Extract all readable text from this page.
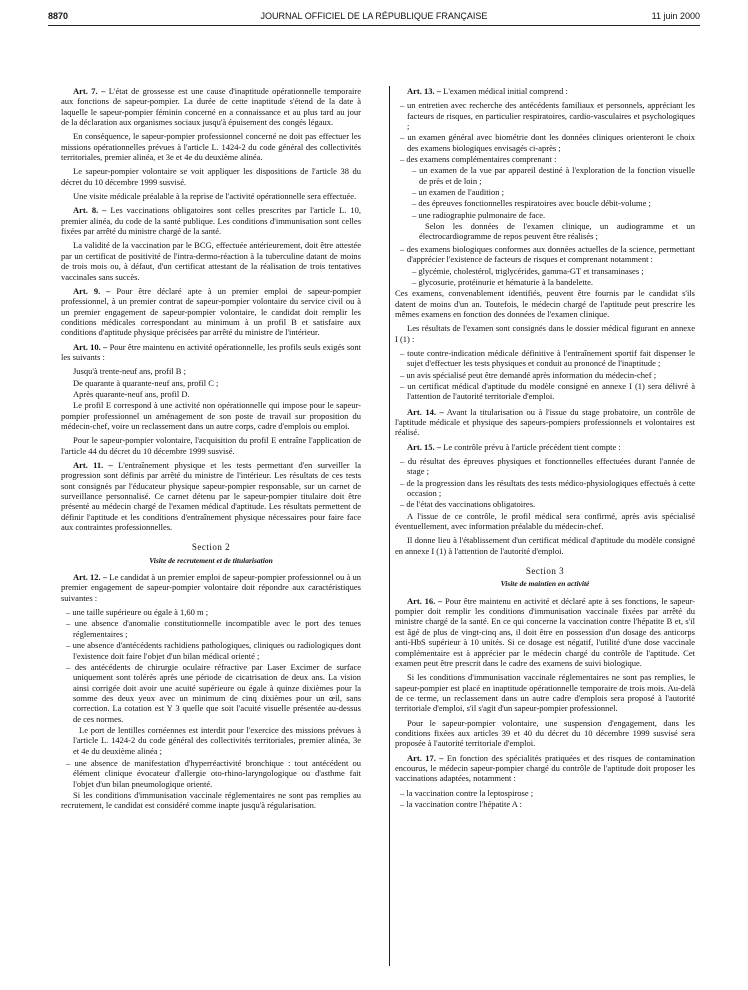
8870	JOURNAL OFFICIEL DE LA RÉPUBLIQUE FRANÇAISE	11 juin 2000

Art. 7. – L'état de grossesse est une cause d'inaptitude opérationnelle temporaire aux fonctions de sapeur-pompier. La durée de cette inaptitude s'étend de la date à laquelle le sapeur-pompier féminin concerné en a connaissance et au plus tard au jour de la déclaration aux organismes sociaux jusqu'à épuisement des congés légaux.

En conséquence, le sapeur-pompier professionnel concerné ne doit pas effectuer les missions opérationnelles prévues à l'article L. 1424-2 du code général des collectivités territoriales, premier alinéa, et 3e et 4e du deuxième alinéa.

Le sapeur-pompier volontaire se voit appliquer les dispositions de l'article 38 du décret du 10 décembre 1999 susvisé.

Une visite médicale préalable à la reprise de l'activité opérationnelle sera effectuée.

Art. 8. – Les vaccinations obligatoires sont celles prescrites par l'article L. 10, premier alinéa, du code de la santé publique. Les conditions d'immunisation sont celles fixées par arrêté du ministre chargé de la santé.

La validité de la vaccination par le BCG, effectuée antérieurement, doit être attestée par un certificat de positivité de l'intra-dermo-réaction à la tuberculine datant de moins de trois mois ou, à défaut, d'un certificat attestant de la réalisation de trois tentatives vaccinales sans succès.

Art. 9. – Pour être déclaré apte à un premier emploi de sapeur-pompier professionnel, à un premier contrat de sapeur-pompier volontaire du service civil ou à un premier engagement de sapeur-pompier volontaire, le candidat doit remplir les conditions médicales correspondant au minimum à un profil B et satisfaire aux conditions d'aptitude physique précisées par arrêté du ministre de l'intérieur.

Art. 10. – Pour être maintenu en activité opérationnelle, les profils seuls exigés sont les suivants :

Jusqu'à trente-neuf ans, profil B ;

De quarante à quarante-neuf ans, profil C ;

Après quarante-neuf ans, profil D.

Le profil E correspond à une activité non opérationnelle qui impose pour le sapeur-pompier professionnel un aménagement de son poste de travail sur proposition du médecin-chef, voire un reclassement dans un autre corps, cadre d'emplois ou emploi.

Pour le sapeur-pompier volontaire, l'acquisition du profil E entraîne l'application de l'article 44 du décret du 10 décembre 1999 susvisé.

Art. 11. – L'entraînement physique et les tests permettant d'en surveiller la progression sont définis par arrêté du ministre de l'intérieur. Les résultats de ces tests sont consignés par l'éducateur physique sapeur-pompier responsable, sur un carnet de surveillance personnalisé. Ce carnet détenu par le sapeur-pompier titulaire doit être présenté au médecin chargé de l'examen médical d'aptitude. Les résultats permettent de définir l'aptitude et les conditions d'entraînement physique nécessaires pour faire face aux contraintes professionnelles.

Section 2

Visite de recrutement et de titularisation

Art. 12. – Le candidat à un premier emploi de sapeur-pompier professionnel ou à un premier engagement de sapeur-pompier volontaire doit répondre aux caractéristiques suivantes :

– une taille supérieure ou égale à 1,60 m ;

– une absence d'anomalie constitutionnelle incompatible avec le port des tenues réglementaires ;

– une absence d'antécédents rachidiens pathologiques, cliniques ou radiologiques dont l'existence doit faire l'objet d'un bilan médical orienté ;

– des antécédents de chirurgie oculaire réfractive par Laser Excimer de surface uniquement sont tolérés après une période de cicatrisation de deux ans. La vision ainsi corrigée doit avoir une acuité supérieure ou égale à quinze dixièmes pour la somme des deux yeux avec un minimum de cinq dixièmes pour un œil, sans correction. La cotation est Y 3 quelle que soit l'acuité visuelle présentée au-dessus de ces normes.

Le port de lentilles cornéennes est interdit pour l'exercice des missions prévues à l'article L. 1424-2 du code général des collectivités territoriales, premier alinéa, 3e et 4e du deuxième alinéa ;

– une absence de manifestation d'hyperréactivité bronchique : tout antécédent ou élément clinique évocateur d'allergie oto-rhino-laryngologique ou d'asthme fait l'objet d'un bilan pneumologique orienté.

Si les conditions d'immunisation vaccinale réglementaires ne sont pas remplies au recrutement, le candidat est considéré comme inapte jusqu'à régularisation.

Art. 13. – L'examen médical initial comprend :

– un entretien avec recherche des antécédents familiaux et personnels, appréciant les facteurs de risques, en particulier respiratoires, cardio-vasculaires et psychologiques ;

– un examen général avec biométrie dont les données cliniques orienteront le choix des examens biologiques envisagés ci-après ;

– des examens complémentaires comprenant :

– un examen de la vue par appareil destiné à l'exploration de la fonction visuelle de près et de loin ;

– un examen de l'audition ;

– des épreuves fonctionnelles respiratoires avec boucle débit-volume ;

– une radiographie pulmonaire de face.

Selon les données de l'examen clinique, un audiogramme et un électrocardiogramme de repos peuvent être réalisés ;

– des examens biologiques conformes aux données actuelles de la science, permettant d'apprécier l'existence de facteurs de risques et comprenant notamment :

– glycémie, cholestérol, triglycérides, gamma-GT et transaminases ;

– glycosurie, protéinurie et hématurie à la bandelette.

Ces examens, convenablement identifiés, peuvent être fournis par le candidat s'ils datent de moins d'un an. Toutefois, le médecin chargé de l'aptitude peut prescrire les mêmes examens en fonction des données de l'examen clinique.

Les résultats de l'examen sont consignés dans le dossier médical figurant en annexe I (1) :

– toute contre-indication médicale définitive à l'entraînement sportif fait dispenser le sujet d'effectuer les tests physiques et conduit au prononcé de l'inaptitude ;

– un avis spécialisé peut être demandé après information du médecin-chef ;

– un certificat médical d'aptitude du modèle consigné en annexe I (1) sera délivré à l'attention de l'autorité territoriale d'emploi.

Art. 14. – Avant la titularisation ou à l'issue du stage probatoire, un contrôle de l'aptitude médicale et physique des sapeurs-pompiers professionnels et volontaires est réalisé.

Art. 15. – Le contrôle prévu à l'article précédent tient compte :

– du résultat des épreuves physiques et fonctionnelles effectuées durant l'année de stage ;

– de la progression dans les résultats des tests médico-physiologiques effectués à cette occasion ;

– de l'état des vaccinations obligatoires.

A l'issue de ce contrôle, le profil médical sera confirmé, après avis spécialisé éventuellement, avec information préalable du médecin-chef.

Il donne lieu à l'établissement d'un certificat médical d'aptitude du modèle consigné en annexe I (1) à l'attention de l'autorité d'emploi.

Section 3

Visite de maintien en activité

Art. 16. – Pour être maintenu en activité et déclaré apte à ses fonctions, le sapeur-pompier doit remplir les conditions d'immunisation vaccinale fixées par arrêté du ministre chargé de la santé. En ce qui concerne la vaccination contre l'hépatite B et, s'il est âgé de plus de vingt-cinq ans, il doit être en possession d'un dosage des anticorps anti-HbS supérieur à 10 unités. Si ce dosage est négatif, l'utilité d'une dose vaccinale complémentaire est à apprécier par le médecin chargé du contrôle de l'aptitude. Cet examen peut être prescrit dans le cadre des examens de suivi biologique.

Si les conditions d'immunisation vaccinale réglementaires ne sont pas remplies, le sapeur-pompier est placé en inaptitude opérationnelle temporaire de trois mois. Au-delà de ce terme, un reclassement dans un autre cadre d'emplois sera proposé à l'autorité territoriale d'emploi, s'il s'agit d'un sapeur-pompier professionnel.

Pour le sapeur-pompier volontaire, une suspension d'engagement, dans les conditions fixées aux articles 39 et 40 du décret du 10 décembre 1999 susvisé sera proposée à l'autorité territoriale d'emploi.

Art. 17. – En fonction des spécialités pratiquées et des risques de contamination encourus, le médecin sapeur-pompier chargé du contrôle de l'aptitude doit proposer les vaccinations adaptées, notamment :

– la vaccination contre la leptospirose ;

– la vaccination contre l'hépatite A :
